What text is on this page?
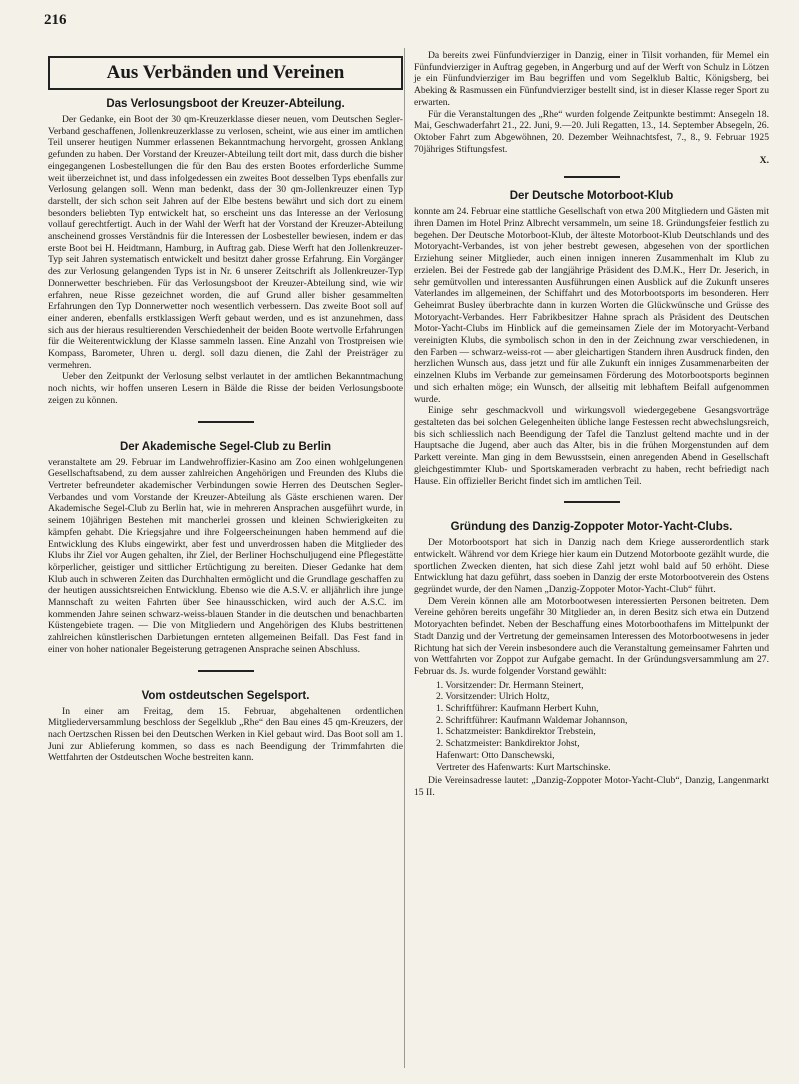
216
Aus Verbänden und Vereinen
Das Verlosungsboot der Kreuzer-Abteilung.

Der Gedanke, ein Boot der 30 qm-Kreuzerklasse dieser neuen, vom Deutschen Segler-Verband geschaffenen, Jollenkreuzerklasse zu verlosen, scheint, wie aus einer im amtlichen Teil unserer heutigen Nummer erlassenen Bekanntmachung hervorgeht, grossen Anklang gefunden zu haben. Der Vorstand der Kreuzer-Abteilung teilt dort mit, dass durch die bisher eingegangenen Losbestellungen die für den Bau des ersten Bootes erforderliche Summe weit überzeichnet ist, und dass infolgedessen ein zweites Boot desselben Typs ebenfalls zur Verlosung gelangen soll. Wenn man bedenkt, dass der 30 qm-Jollenkreuzer einen Typ darstellt, der sich schon seit Jahren auf der Elbe bestens bewährt und sich dort zu einem besonders beliebten Typ entwickelt hat, so erscheint uns das Interesse an der Verlosung vollauf gerechtfertigt. Auch in der Wahl der Werft hat der Vorstand der Kreuzer-Abteilung anscheinend grosses Verständnis für die Interessen der Losbesteller bewiesen, indem er das erste Boot bei H. Heidtmann, Hamburg, in Auftrag gab. Diese Werft hat den Jollenkreuzer-Typ seit Jahren systematisch entwickelt und besitzt daher grosse Erfahrung. Ein Vorgänger des zur Verlosung gelangenden Typs ist in Nr. 6 unserer Zeitschrift als Jollenkreuzer-Typ Donnerwetter beschrieben. Für das Verlosungsboot der Kreuzer-Abteilung sind, wie wir erfahren, neue Risse gezeichnet worden, die auf Grund aller bisher gesammelten Erfahrungen den Typ Donnerwetter noch wesentlich verbessern. Das zweite Boot soll auf einer anderen, ebenfalls erstklassigen Werft gebaut werden, und es ist anzunehmen, dass sich aus der hieraus resultierenden Verschiedenheit der beiden Boote wertvolle Erfahrungen für die Weiterentwicklung der Klasse sammeln lassen. Eine Anzahl von Trostpreisen wie Kompass, Barometer, Uhren u. dergl. soll dazu dienen, die Zahl der Preisträger zu vermehren.

Ueber den Zeitpunkt der Verlosung selbst verlautet in der amtlichen Bekanntmachung noch nichts, wir hoffen unseren Lesern in Bälde die Risse der beiden Verlosungsboote zeigen zu können.

Der Akademische Segel-Club zu Berlin

veranstaltete am 29. Februar im Landwehroffizier-Kasino am Zoo einen wohlgelungenen Gesellschaftsabend, zu dem ausser zahlreichen Angehörigen und Freunden des Klubs die Vertreter befreundeter akademischer Verbindungen sowie Herren des Deutschen Segler-Verbandes und vom Vorstande der Kreuzer-Abteilung als Gäste erschienen waren. Der Akademische Segel-Club zu Berlin hat, wie in mehreren Ansprachen ausgeführt wurde, in seinem 10jährigen Bestehen mit mancherlei grossen und kleinen Schwierigkeiten zu kämpfen gehabt. Die Kriegsjahre und ihre Folgeerscheinungen haben hemmend auf die Entwicklung des Klubs eingewirkt, aber fest und unverdrossen haben die Mitglieder des Klubs ihr Ziel vor Augen gehalten, ihr Ziel, der Berliner Hochschuljugend eine Pflegestätte körperlicher, geistiger und sittlicher Ertüchtigung zu bereiten. Dieser Gedanke hat dem Klub auch in schweren Zeiten das Durchhalten ermöglicht und die Grundlage geschaffen zu der heutigen aussichtsreichen Entwicklung. Ebenso wie die A.S.V. er alljährlich ihre junge Mannschaft zu weiten Fahrten über See hinausschicken, wird auch der A.S.C. im kommenden Jahre seinen schwarz-weiss-blauen Stander in die deutschen und benachbarten Küstengebiete tragen. — Die von Mitgliedern und Angehörigen des Klubs bestrittenen zahlreichen künstlerischen Darbietungen ernteten allgemeinen Beifall. Das Fest fand in einer von hoher nationaler Begeisterung getragenen Ansprache seinen Abschluss.

Vom ostdeutschen Segelsport.

In einer am Freitag, dem 15. Februar, abgehaltenen ordentlichen Mitgliederversammlung beschloss der Segelklub „Rhe“ den Bau eines 45 qm-Kreuzers, der nach Oertzschen Rissen bei den Deutschen Werken in Kiel gebaut wird. Das Boot soll am 1. Juni zur Ablieferung kommen, so dass es nach Beendigung der Trimmfahrten die Wettfahrten der Ostdeutschen Woche bestreiten kann.

Da bereits zwei Fünfundvierziger in Danzig, einer in Tilsit vorhanden, für Memel ein Fünfundvierziger in Auftrag gegeben, in Angerburg und auf der Werft von Schulz in Lötzen je ein Fünfundvierziger im Bau begriffen und vom Segelklub Baltic, Königsberg, bei Abeking & Rasmussen ein Fünfundvierziger bestellt sind, ist in dieser Klasse reger Sport zu erwarten.

Für die Veranstaltungen des „Rhe“ wurden folgende Zeitpunkte bestimmt: Ansegeln 18. Mai, Geschwaderfahrt 21., 22. Juni, 9.—20. Juli Regatten, 13., 14. September Absegeln, 26. Oktober Fahrt zum Abgewöhnen, 20. Dezember Weihnachtsfest, 7., 8., 9. Februar 1925 70jähriges Stiftungsfest.

X.
Der Deutsche Motorboot-Klub

konnte am 24. Februar eine stattliche Gesellschaft von etwa 200 Mitgliedern und Gästen mit ihren Damen im Hotel Prinz Albrecht versammeln, um seine 18. Gründungsfeier festlich zu begehen. Der Deutsche Motorboot-Klub, der älteste Motorboot-Klub Deutschlands und des Motoryacht-Verbandes, ist von jeher bestrebt gewesen, abgesehen von der sportlichen Erziehung seiner Mitglieder, auch einen innigen inneren Zusammenhalt im Klub zu erzielen. Bei der Festrede gab der langjährige Präsident des D.M.K., Herr Dr. Jeserich, in sehr gemütvollen und interessanten Ausführungen einen Ausblick auf die Zukunft unseres Vaterlandes im allgemeinen, der Schiffahrt und des Motorbootsports im besonderen. Herr Geheimrat Busley überbrachte dann in kurzen Worten die Glückwünsche und Grüsse des Motoryacht-Verbandes. Herr Fabrikbesitzer Hahne sprach als Präsident des Deutschen Motor-Yacht-Clubs im Hinblick auf die gemeinsamen Ziele der im Motoryacht-Verband vereinigten Klubs, die symbolisch schon in den in der Zeichnung zwar verschiedenen, in den Farben — schwarz-weiss-rot — aber gleichartigen Standern ihren Ausdruck finden, den herzlichen Wunsch aus, dass jetzt und für alle Zukunft ein inniges Zusammenarbeiten der einzelnen Klubs im Verbande zur gemeinsamen Förderung des Motorbootsports beginnen und sich erhalten möge; ein Wunsch, der allseitig mit lebhaftem Beifall aufgenommen wurde.

Einige sehr geschmackvoll und wirkungsvoll wiedergegebene Gesangsvorträge gestalteten das bei solchen Gelegenheiten übliche lange Festessen recht abwechslungsreich, bis sich schliesslich nach Beendigung der Tafel die Tanzlust geltend machte und in der Hauptsache die Jugend, aber auch das Alter, bis in die frühen Morgenstunden auf dem Parkett vereinte. Man ging in dem Bewusstsein, einen anregenden Abend in Gesellschaft gleichgestimmter Klub- und Sportskameraden verbracht zu haben, recht befriedigt nach Hause. Ein offizieller Bericht findet sich im amtlichen Teil.

Gründung des Danzig-Zoppoter Motor-Yacht-Clubs.

Der Motorbootsport hat sich in Danzig nach dem Kriege ausserordentlich stark entwickelt. Während vor dem Kriege hier kaum ein Dutzend Motorboote gezählt wurde, die sportlichen Zwecken dienten, hat sich diese Zahl jetzt wohl bald auf 50 erhöht. Diese Entwicklung hat dazu geführt, dass soeben in Danzig der erste Motorbootverein des Ostens gegründet wurde, der den Namen „Danzig-Zoppoter Motor-Yacht-Club“ führt.

Dem Verein können alle am Motorbootwesen interessierten Personen beitreten. Dem Vereine gehören bereits ungefähr 30 Mitglieder an, in deren Besitz sich etwa ein Dutzend Motoryachten befindet. Neben der Beschaffung eines Motorboothafens im Mittelpunkt der Stadt Danzig und der Vertretung der gemeinsamen Interessen des Motorbootwesens in jeder Richtung hat sich der Verein insbesondere auch die Veranstaltung gemeinsamer Fahrten und von Wettfahrten vor Zoppot zur Aufgabe gemacht. In der Gründungsversammlung am 27. Februar ds. Js. wurde folgender Vorstand gewählt:

1. Vorsitzender: Dr. Hermann Steinert,
2. Vorsitzender: Ulrich Holtz,
1. Schriftführer: Kaufmann Herbert Kuhn,
2. Schriftführer: Kaufmann Waldemar Johannson,
1. Schatzmeister: Bankdirektor Trebstein,
2. Schatzmeister: Bankdirektor Johst,
Hafenwart: Otto Danschewski,
Vertreter des Hafenwarts: Kurt Martschinske.

Die Vereinsadresse lautet: „Danzig-Zoppoter Motor-Yacht-Club“, Danzig, Langenmarkt 15 II.
